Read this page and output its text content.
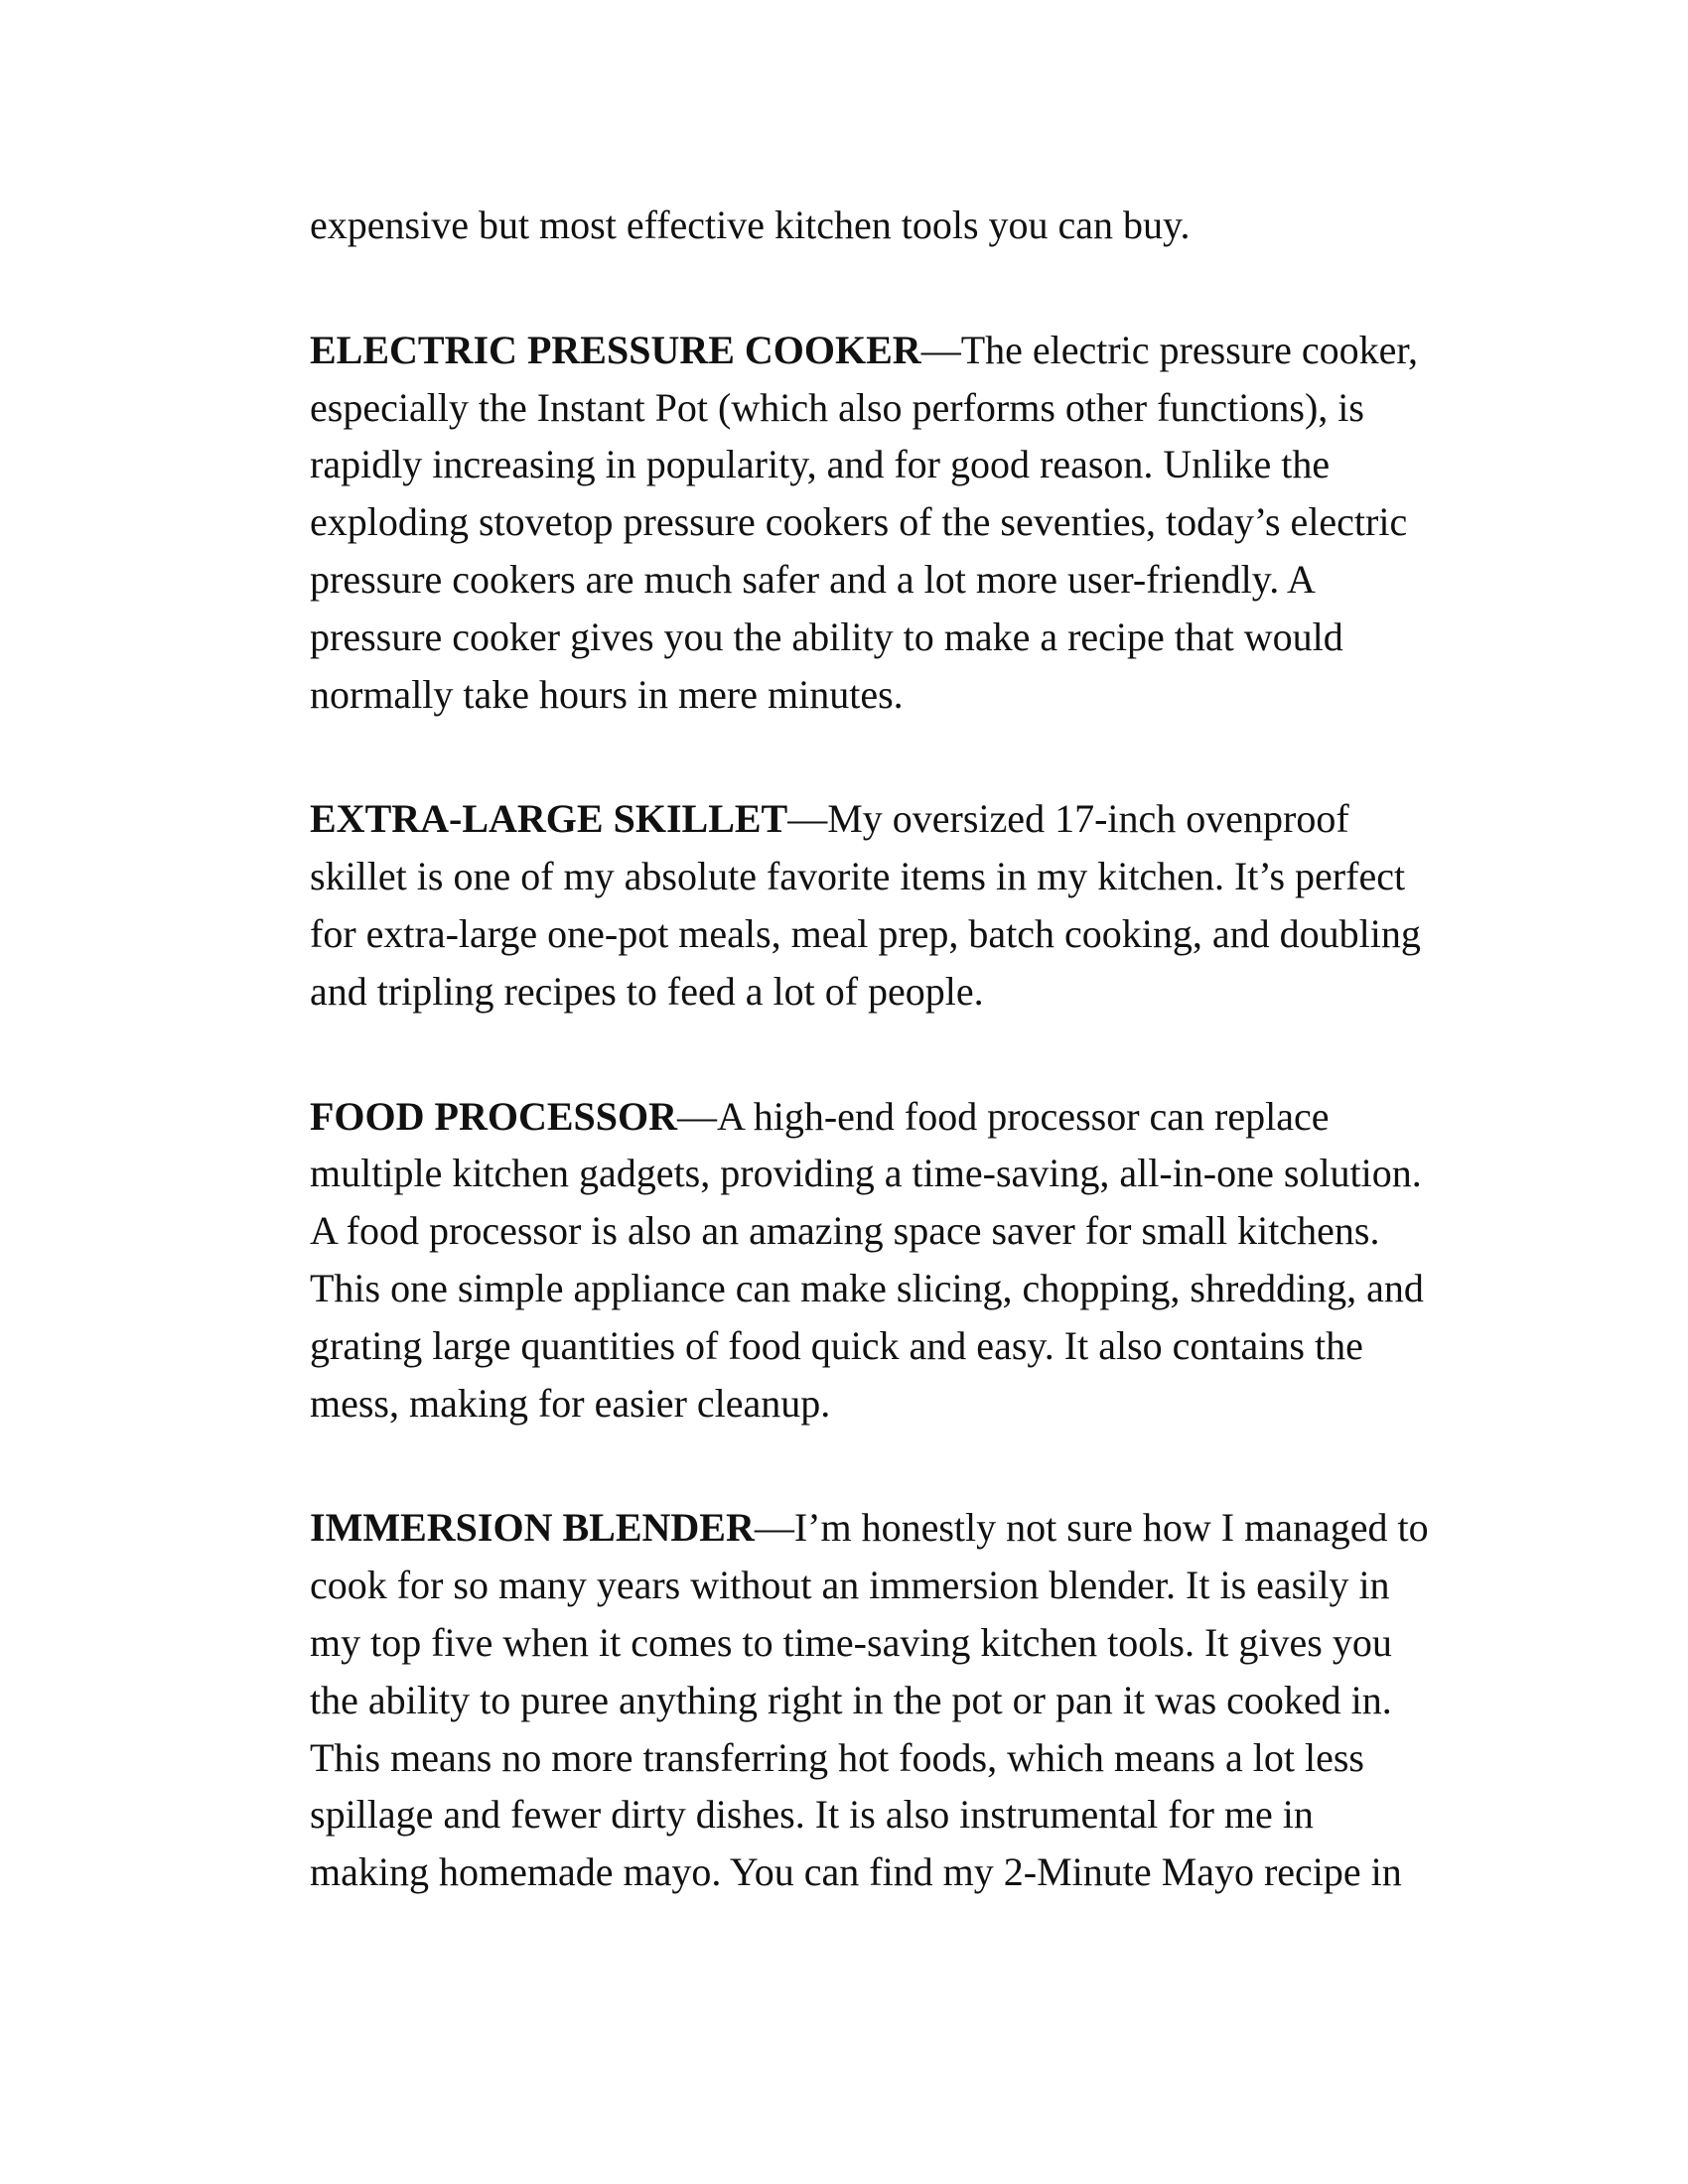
expensive but most effective kitchen tools you can buy.

ELECTRIC PRESSURE COOKER—The electric pressure cooker,
especially the Instant Pot (which also performs other functions), is
rapidly increasing in popularity, and for good reason. Unlike the
exploding stovetop pressure cookers of the seventies, today’s electric
pressure cookers are much safer and a lot more user-friendly. A
pressure cooker gives you the ability to make a recipe that would
normally take hours in mere minutes.

EXTRA-LARGE SKILLET—My oversized 17-inch ovenproof
skillet is one of my absolute favorite items in my kitchen. It’s perfect
for extra-large one-pot meals, meal prep, batch cooking, and doubling
and tripling recipes to feed a lot of people.

FOOD PROCESSOR—A high-end food processor can replace
multiple kitchen gadgets, providing a time-saving, all-in-one solution.
A food processor is also an amazing space saver for small kitchens.
This one simple appliance can make slicing, chopping, shredding, and
grating large quantities of food quick and easy. It also contains the
mess, making for easier cleanup.

IMMERSION BLENDER—I’m honestly not sure how I managed to
cook for so many years without an immersion blender. It is easily in
my top five when it comes to time-saving kitchen tools. It gives you
the ability to puree anything right in the pot or pan it was cooked in.
This means no more transferring hot foods, which means a lot less
spillage and fewer dirty dishes. It is also instrumental for me in
making homemade mayo. You can find my 2-Minute Mayo recipe in
